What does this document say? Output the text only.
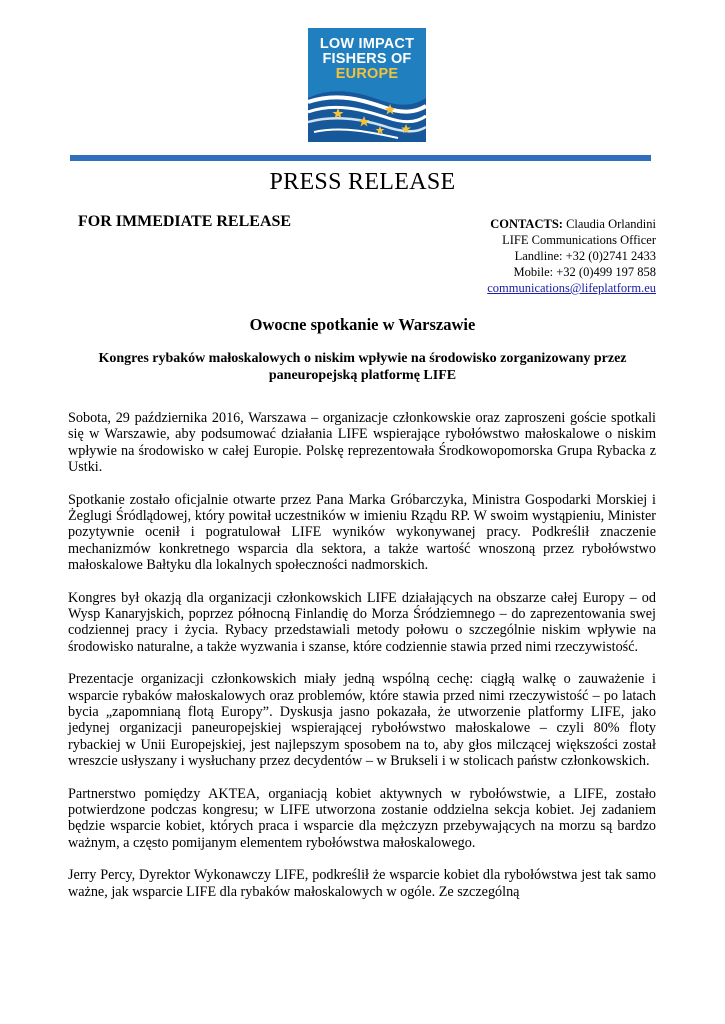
LOW IMPACT
FISHERS OF
EUROPE
PRESS RELEASE
FOR IMMEDIATE RELEASE	CONTACTS: Claudia Orlandini
LIFE Communications Officer
Landline: +32 (0)2741 2433
Mobile: +32 (0)499 197 858
communications@lifeplatform.eu
Owocne spotkanie w Warszawie
Kongres rybaków małoskalowych o niskim wpływie na środowisko zorganizowany przez paneuropejską platformę LIFE

Sobota, 29 października 2016, Warszawa – organizacje członkowskie oraz zaproszeni goście spotkali się w Warszawie, aby podsumować działania LIFE wspierające rybołówstwo małoskalowe o niskim wpływie na środowisko w całej Europie. Polskę reprezentowała Środkowopomorska Grupa Rybacka z Ustki.

Spotkanie zostało oficjalnie otwarte przez Pana Marka Gróbarczyka, Ministra Gospodarki Morskiej i Żeglugi Śródlądowej, który powitał uczestników w imieniu Rządu RP. W swoim wystąpieniu, Minister pozytywnie ocenił i pogratulował LIFE wyników wykonywanej pracy. Podkreślił znaczenie mechanizmów konkretnego wsparcia dla sektora, a także wartość wnoszoną przez rybołówstwo małoskalowe Bałtyku dla lokalnych społeczności nadmorskich.

Kongres był okazją dla organizacji członkowskich LIFE działających na obszarze całej Europy – od Wysp Kanaryjskich, poprzez północną Finlandię do Morza Śródziemnego – do zaprezentowania swej codziennej pracy i życia. Rybacy przedstawiali metody połowu o szczególnie niskim wpływie na środowisko naturalne, a także wyzwania i szanse, które codziennie stawia przed nimi rzeczywistość.

Prezentacje organizacji członkowskich miały jedną wspólną cechę: ciągłą walkę o zauważenie i wsparcie rybaków małoskalowych oraz problemów, które stawia przed nimi rzeczywistość – po latach bycia „zapomnianą flotą Europy”. Dyskusja jasno pokazała, że utworzenie platformy LIFE, jako jedynej organizacji paneuropejskiej wspierającej rybołówstwo małoskalowe – czyli 80% floty rybackiej w Unii Europejskiej, jest najlepszym sposobem na to, aby głos milczącej większości został wreszcie usłyszany i wysłuchany przez decydentów – w Brukseli i w stolicach państw członkowskich.

Partnerstwo pomiędzy AKTEA, organiacją kobiet aktywnych w rybołówstwie, a LIFE, zostało potwierdzone podczas kongresu; w LIFE utworzona zostanie oddzielna sekcja kobiet. Jej zadaniem będzie wsparcie kobiet, których praca i wsparcie dla mężczyzn przebywających na morzu są bardzo ważnym, a często pomijanym elementem rybołówstwa małoskalowego.

Jerry Percy, Dyrektor Wykonawczy LIFE, podkreślił że wsparcie kobiet dla rybołówstwa jest tak samo ważne, jak wsparcie LIFE dla rybaków małoskalowych w ogóle. Ze szczególną
